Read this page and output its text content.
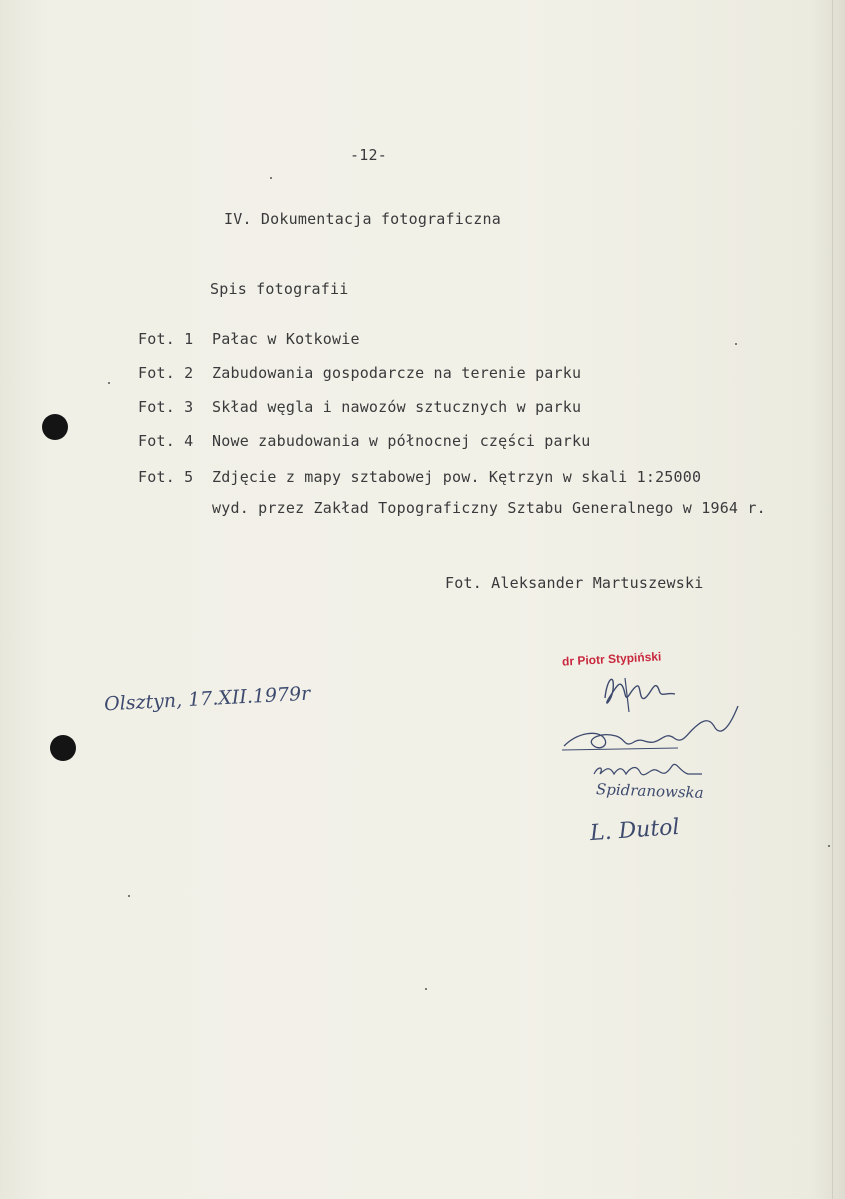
-12-
IV. Dokumentacja fotograficzna
Spis fotografii
Fot. 1 Pałac w Kotkowie
Fot. 2 Zabudowania gospodarcze na terenie parku
Fot. 3 Skład węgla i nawozów sztucznych w parku
Fot. 4 Nowe zabudowania w północnej części parku
Fot. 5 Zdjęcie z mapy sztabowej pow. Kętrzyn w skali 1:25000
wyd. przez Zakład Topograficzny Sztabu Generalnego w 1964 r.
Fot. Aleksander Martuszewski
Olsztyn, 17.XII.1979r
dr Piotr Stypiński
Spidranowska
L. Dutol
